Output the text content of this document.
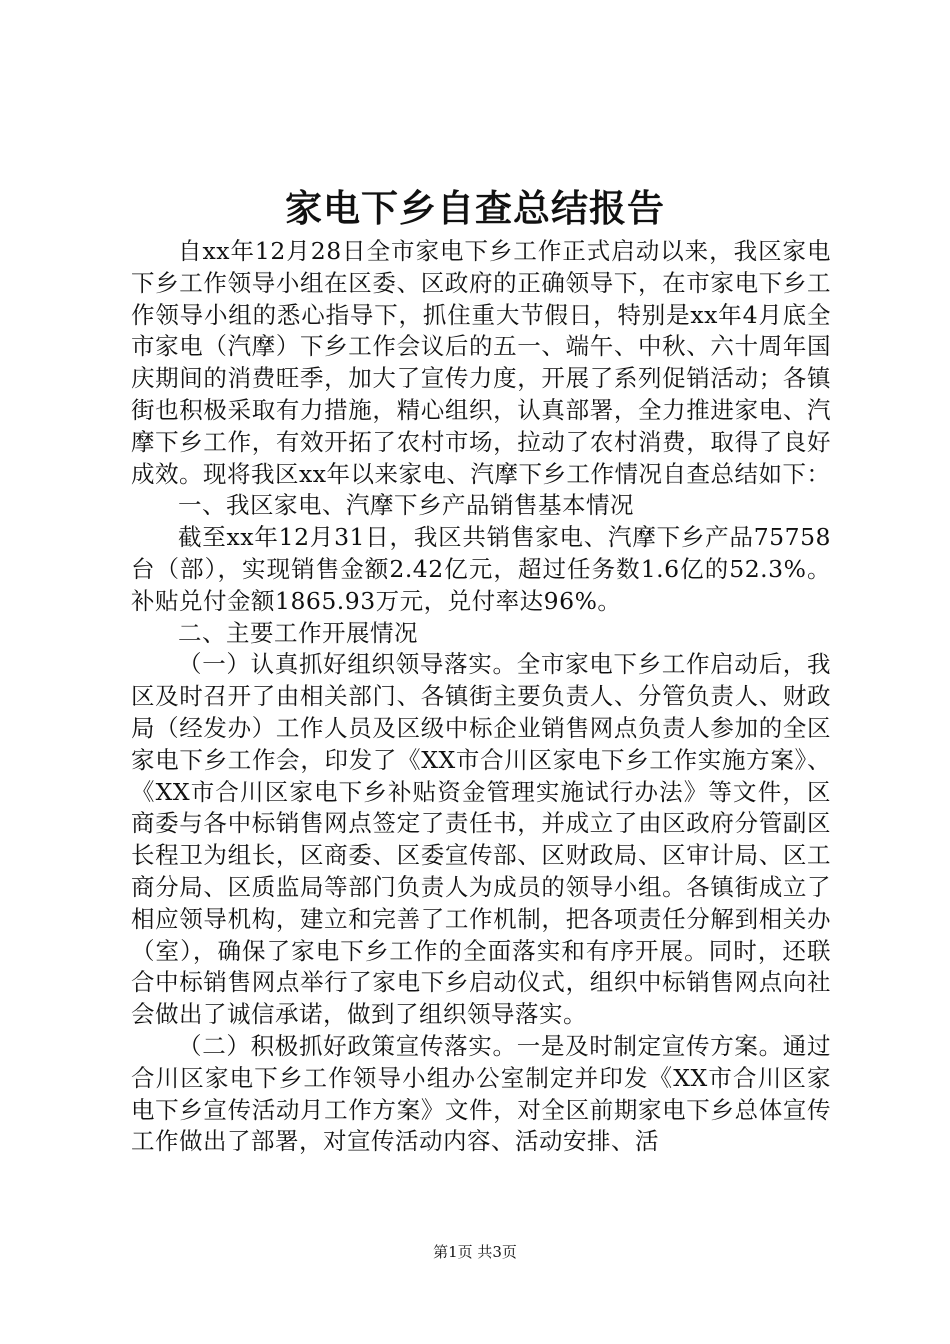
家电下乡自查总结报告

自xx年12月28日全市家电下乡工作正式启动以来，我区家电下乡工作领导小组在区委、区政府的正确领导下，在市家电下乡工作领导小组的悉心指导下，抓住重大节假日，特别是xx年4月底全市家电（汽摩）下乡工作会议后的五一、端午、中秋、六十周年国庆期间的消费旺季，加大了宣传力度，开展了系列促销活动；各镇街也积极采取有力措施，精心组织，认真部署，全力推进家电、汽摩下乡工作，有效开拓了农村市场，拉动了农村消费，取得了良好成效。现将我区xx年以来家电、汽摩下乡工作情况自查总结如下：

一、我区家电、汽摩下乡产品销售基本情况

截至xx年12月31日，我区共销售家电、汽摩下乡产品75758台（部），实现销售金额2.42亿元，超过任务数1.6亿的52.3%。补贴兑付金额1865.93万元，兑付率达96%。

二、主要工作开展情况

（一）认真抓好组织领导落实。全市家电下乡工作启动后，我区及时召开了由相关部门、各镇街主要负责人、分管负责人、财政局（经发办）工作人员及区级中标企业销售网点负责人参加的全区家电下乡工作会，印发了《XX市合川区家电下乡工作实施方案》、《XX市合川区家电下乡补贴资金管理实施试行办法》等文件，区商委与各中标销售网点签定了责任书，并成立了由区政府分管副区长程卫为组长，区商委、区委宣传部、区财政局、区审计局、区工商分局、区质监局等部门负责人为成员的领导小组。各镇街成立了相应领导机构，建立和完善了工作机制，把各项责任分解到相关办（室），确保了家电下乡工作的全面落实和有序开展。同时，还联合中标销售网点举行了家电下乡启动仪式，组织中标销售网点向社会做出了诚信承诺，做到了组织领导落实。

（二）积极抓好政策宣传落实。一是及时制定宣传方案。通过合川区家电下乡工作领导小组办公室制定并印发《XX市合川区家电下乡宣传活动月工作方案》文件，对全区前期家电下乡总体宣传工作做出了部署，对宣传活动内容、活动安排、活

第1页 共3页
